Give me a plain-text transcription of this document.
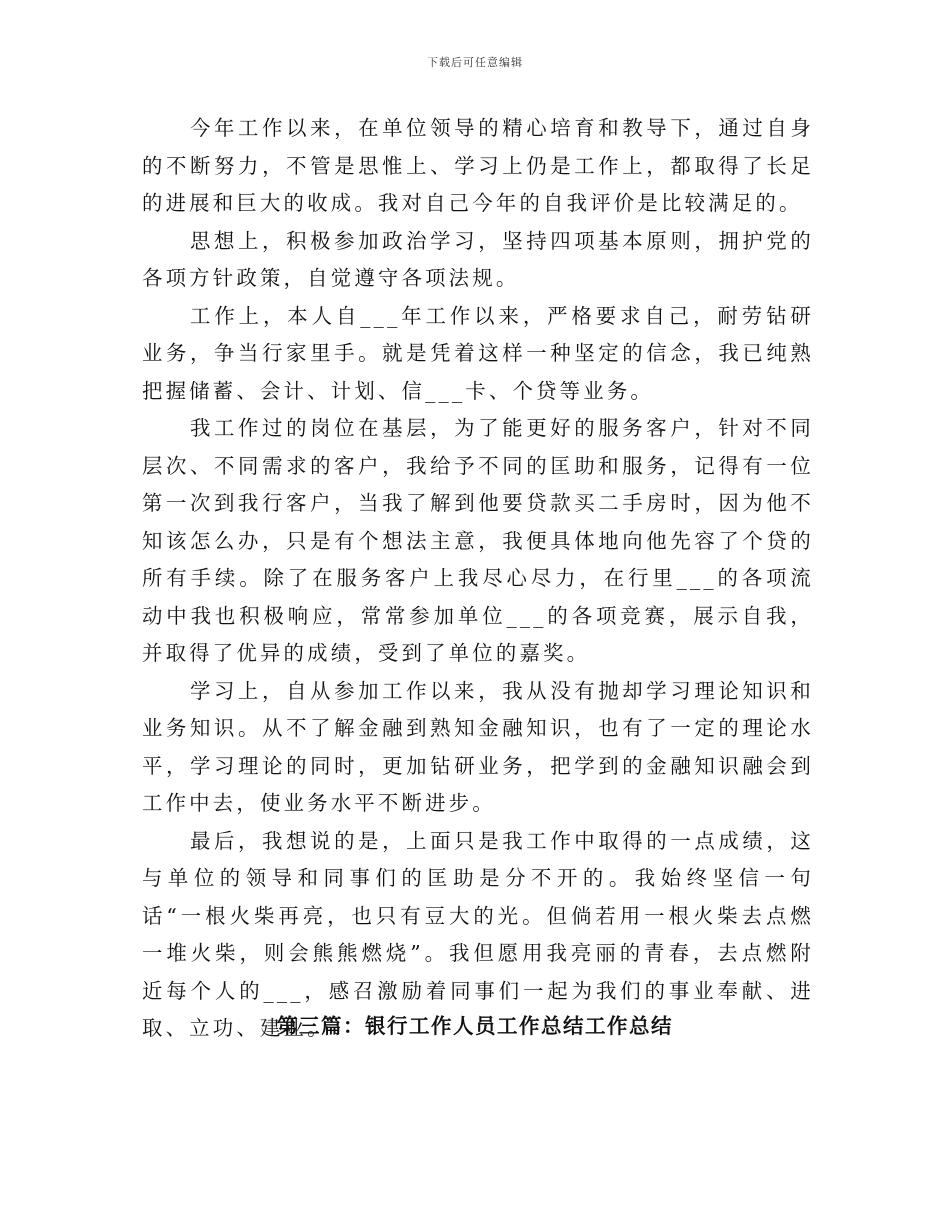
下载后可任意编辑

今年工作以来，在单位领导的精心培育和教导下，通过自身的不断努力，不管是思惟上、学习上仍是工作上，都取得了长足的进展和巨大的收成。我对自己今年的自我评价是比较满足的。

思想上，积极参加政治学习，坚持四项基本原则，拥护党的各项方针政策，自觉遵守各项法规。

工作上，本人自___年工作以来，严格要求自己，耐劳钻研业务，争当行家里手。就是凭着这样一种坚定的信念，我已纯熟把握储蓄、会计、计划、信___卡、个贷等业务。

我工作过的岗位在基层，为了能更好的服务客户，针对不同层次、不同需求的客户，我给予不同的匡助和服务，记得有一位第一次到我行客户，当我了解到他要贷款买二手房时，因为他不知该怎么办，只是有个想法主意，我便具体地向他先容了个贷的所有手续。除了在服务客户上我尽心尽力，在行里___的各项流动中我也积极响应，常常参加单位___的各项竞赛，展示自我，并取得了优异的成绩，受到了单位的嘉奖。

学习上，自从参加工作以来，我从没有抛却学习理论知识和业务知识。从不了解金融到熟知金融知识，也有了一定的理论水平，学习理论的同时，更加钻研业务，把学到的金融知识融会到工作中去，使业务水平不断进步。

最后，我想说的是，上面只是我工作中取得的一点成绩，这与单位的领导和同事们的匡助是分不开的。我始终坚信一句话“一根火柴再亮，也只有豆大的光。但倘若用一根火柴去点燃一堆火柴，则会熊熊燃烧”。我但愿用我亮丽的青春，去点燃附近每个人的___，感召激励着同事们一起为我们的事业奉献、进取、立功、建业。

第三篇：银行工作人员工作总结工作总结
